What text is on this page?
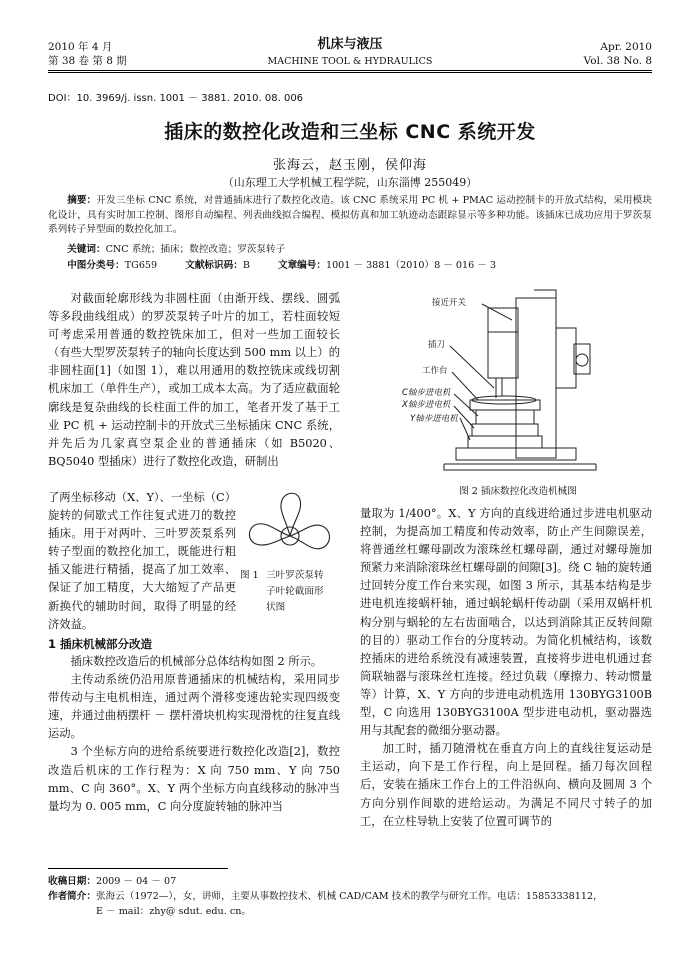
2010 年 4 月
第 38 卷 第 8 期
机床与液压
MACHINE TOOL & HYDRAULICS
Apr. 2010
Vol. 38 No. 8
DOI：10. 3969/j. issn. 1001 － 3881. 2010. 08. 006
插床的数控化改造和三坐标 CNC 系统开发
张海云，赵玉刚，侯仰海
（山东理工大学机械工程学院，山东淄博 255049）
摘要：开发三坐标 CNC 系统，对普通插床进行了数控化改造。该 CNC 系统采用 PC 机 + PMAC 运动控制卡的开放式结构，采用模块化设计，具有实时加工控制、图形自动编程、列表曲线拟合编程、模拟仿真和加工轨迹动态跟踪显示等多种功能。该插床已成功应用于罗茨泵系列转子异型面的数控化加工。
关键词：CNC 系统；插床；数控改造；罗茨泵转子
中图分类号：TG659	文献标识码：B	文章编号：1001 － 3881（2010）8 － 016 － 3

对截面轮廓形线为非圆柱面（由渐开线、摆线、圆弧等多段曲线组成）的罗茨泵转子叶片的加工，若柱面较短可考虑采用普通的数控铣床加工，但对一些加工面较长（有些大型罗茨泵转子的轴向长度达到 500 mm 以上）的非圆柱面[1]（如图 1），难以用通用的数控铣床或线切割机床加工（单件生产），或加工成本太高。为了适应截面轮廓线是复杂曲线的长柱面工件的加工，笔者开发了基于工业 PC 机 + 运动控制卡的开放式三坐标插床 CNC 系统，并先后为几家真空泵企业的普通插床（如 B5020、BQ5040 型插床）进行了数控化改造，研制出

了两坐标移动（X、Y）、一坐标（C）旋转的伺歇式工作往复式进刀的数控插床。用于对两叶、三叶罗茨泵系列转子型面的数控化加工，既能进行粗插又能进行精插，提高了加工效率、保证了加工精度，大大缩短了产品更新换代的辅助时间，取得了明显的经济效益。

图 1 三叶罗茨泵转子叶轮截面形状图
1 插床机械部分改造

插床数控改造后的机械部分总体结构如图 2 所示。

主传动系统仍沿用原普通插床的机械结构，采用同步带传动与主电机相连，通过两个滑移变速齿轮实现四级变速，并通过曲柄摆杆 － 摆杆滑块机构实现滑枕的往复直线运动。

3 个坐标方向的进给系统要进行数控化改造[2]，数控改造后机床的工作行程为：X 向 750 mm、Y 向 750 mm、C 向 360°。X、Y 两个坐标方向直线移动的脉冲当量均为 0. 005 mm，C 向分度旋转轴的脉冲当

接近开关
插刀
工作台
C轴步进电机
X轴步进电机
Y轴步进电机
图 2 插床数控化改造机械图

量取为 1/400°。X、Y 方向的直线进给通过步进电机驱动控制，为提高加工精度和传动效率，防止产生间隙误差，将普通丝杠螺母副改为滚珠丝杠螺母副，通过对螺母施加预紧力来消除滚珠丝杠螺母副的间隙[3]。绕 C 轴的旋转通过回转分度工作台来实现，如图 3 所示，其基本结构是步进电机连接蜗杆轴，通过蜗轮蜗杆传动副（采用双蜗杆机构分别与蜗轮的左右齿面啮合，以达到消除其正反转间隙的目的）驱动工作台的分度转动。为简化机械结构，该数控插床的进给系统没有减速装置，直接将步进电机通过套筒联轴器与滚珠丝杠连接。经过负载（摩擦力、转动惯量等）计算，X、Y 方向的步进电动机选用 130BYG3100B 型，C 向选用 130BYG3100A 型步进电动机，驱动器选用与其配套的微细分驱动器。

加工时，插刀随滑枕在垂直方向上的直线往复运动是主运动，向下是工作行程，向上是回程。插刀每次回程后，安装在插床工作台上的工件沿纵向、横向及圆周 3 个方向分别作间歇的进给运动。为满足不同尺寸转子的加工，在立柱导轨上安装了位置可调节的

收稿日期：2009 － 04 － 07
作者简介：张海云（1972—），女，讲师，主要从事数控技术、机械 CAD/CAM 技术的教学与研究工作。电话：15853338112，
E － mail：zhy@ sdut. edu. cn。
